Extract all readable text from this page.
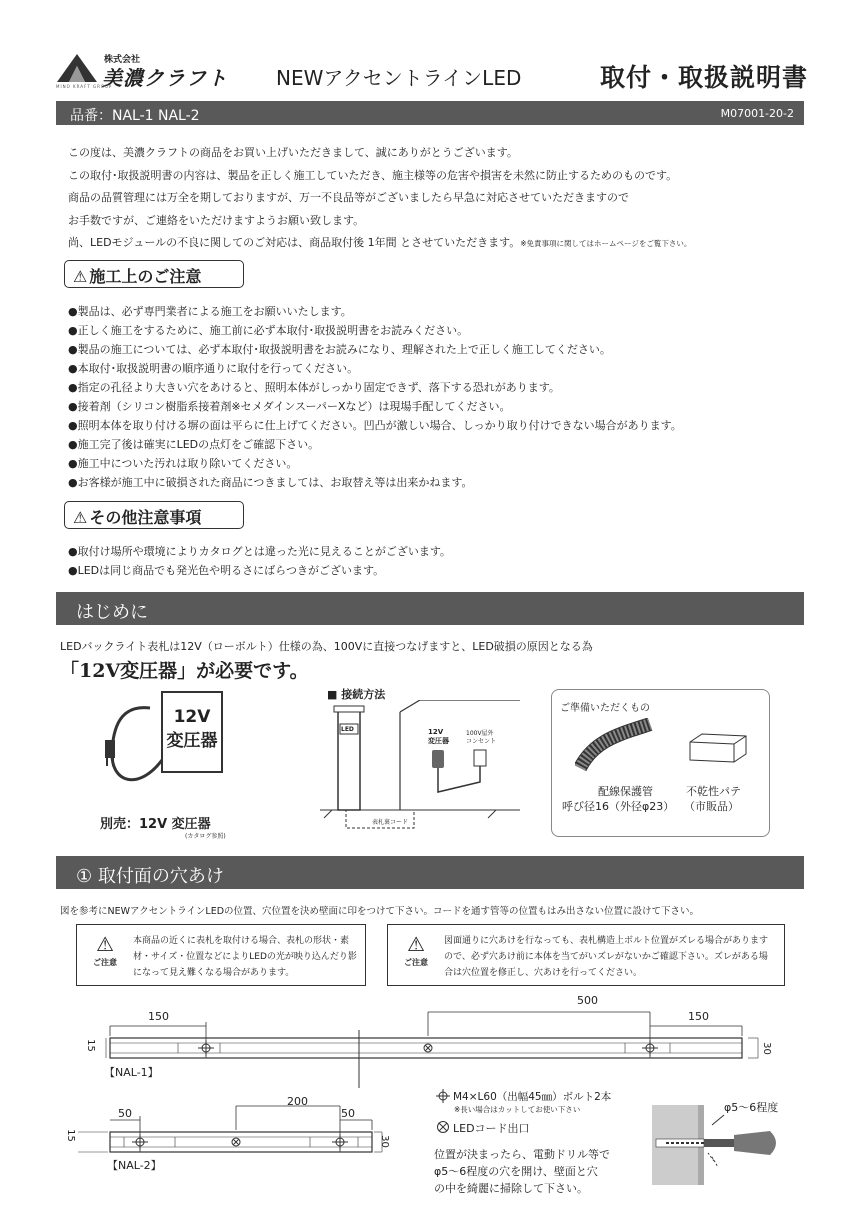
株式会社
美濃クラフト
MINO KRAFT GROUP	NEWアクセントラインLED	取付・取扱説明書
品番：NAL-1 NAL-2	M07001-20-2
この度は、美濃クラフトの商品をお買い上げいただきまして、誠にありがとうございます。
この取付･取扱説明書の内容は、製品を正しく施工していただき、施主様等の危害や損害を未然に防止するためのものです。
商品の品質管理には万全を期しておりますが、万一不良品等がございましたら早急に対応させていただきますので
お手数ですが、ご連絡をいただけますようお願い致します。
尚、LEDモジュールの不良に関してのご対応は、商品取付後 1年間 とさせていただきます。※免責事項に関してはホームページをご覧下さい。
⚠ 施工上のご注意
●製品は、必ず専門業者による施工をお願いいたします。
●正しく施工をするために、施工前に必ず本取付･取扱説明書をお読みください。
●製品の施工については、必ず本取付･取扱説明書をお読みになり、理解された上で正しく施工してください。
●本取付･取扱説明書の順序通りに取付を行ってください。
●指定の孔径より大きい穴をあけると、照明本体がしっかり固定できず、落下する恐れがあります。
●接着剤（シリコン樹脂系接着剤※セメダインスーパーXなど）は現場手配してください。
●照明本体を取り付ける塀の面は平らに仕上げてください。凹凸が激しい場合、しっかり取り付けできない場合があります。
●施工完了後は確実にLEDの点灯をご確認下さい。
●施工中についた汚れは取り除いてください。
●お客様が施工中に破損された商品につきましては、お取替え等は出来かねます。
⚠ その他注意事項
●取付け場所や環境によりカタログとは違った光に見えることがございます。
●LEDは同じ商品でも発光色や明るさにばらつきがございます。
はじめに
LEDバックライト表札は12V（ローボルト）仕様の為、100Vに直接つなげますと、LED破損の原因となる為
「12V変圧器」が必要です。
12V
変圧器
別売：12V 変圧器
(カタログ参照)
■ 接続方法
LED	12V
変圧器
100V屋外
コンセント
表札裏コード
ご準備いただくもの
配線保護管
呼び径16（外径φ23）
不乾性パテ
（市販品）
① 取付面の穴あけ
図を参考にNEWアクセントラインLEDの位置、穴位置を決め壁面に印をつけて下さい。コードを通す管等の位置もはみ出さない位置に設けて下さい。
⚠
ご注意
本商品の近くに表札を取付ける場合、表札の形状・素材・サイズ・位置などによりLEDの光が映り込んだり影になって見え難くなる場合があります。
⚠
ご注意
図面通りに穴あけを行なっても、表札構造上ボルト位置がズレる場合がありますので、必ず穴あけ前に本体を当てがいズレがないかご確認下さい。ズレがある場合は穴位置を修正し、穴あけを行ってください。
150
500
150
15	30
【NAL-1】
50
200
50
15	30
【NAL-2】
M4×L60（出幅45㎜）ボルト2本
※長い場合はカットしてお使い下さい
LEDコード出口
位置が決まったら、電動ドリル等で
φ5～6程度の穴を開け、壁面と穴
の中を綺麗に掃除して下さい。
φ5～6程度
